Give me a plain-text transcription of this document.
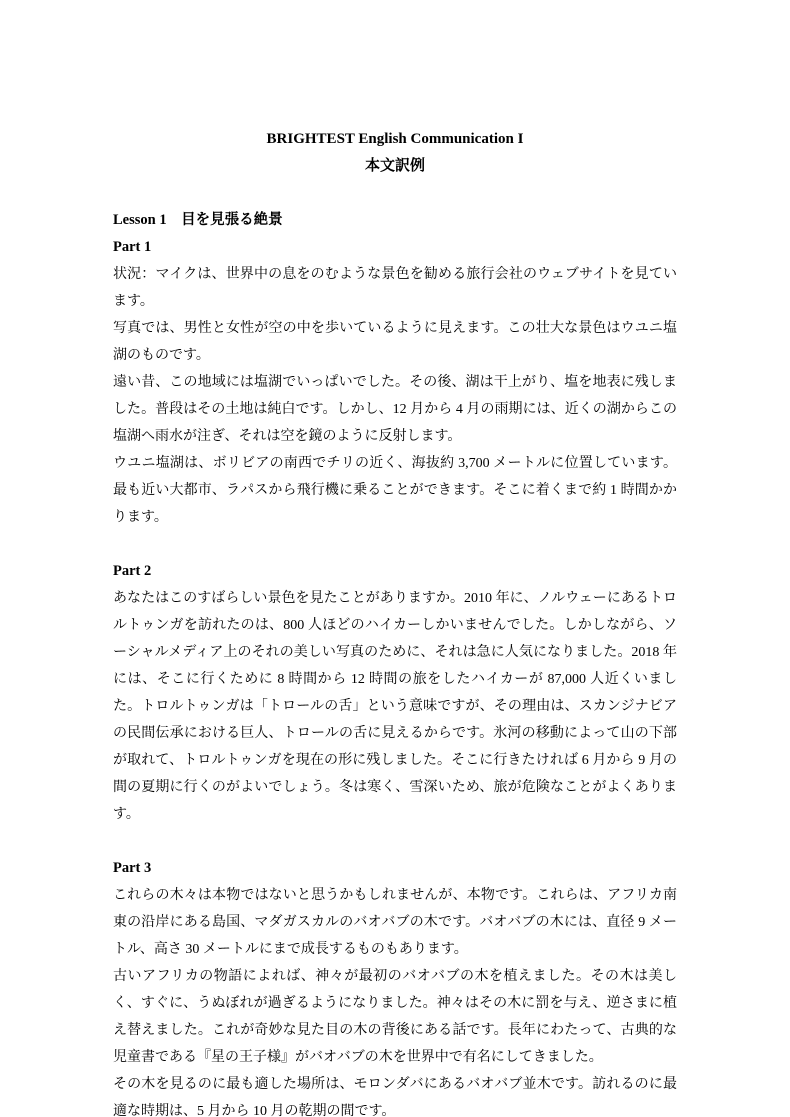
BRIGHTEST English Communication I
本文訳例
Lesson 1 目を見張る絶景
Part 1

状況：マイクは、世界中の息をのむような景色を勧める旅行会社のウェブサイトを見ています。

写真では、男性と女性が空の中を歩いているように見えます。この壮大な景色はウユニ塩湖のものです。

遠い昔、この地域には塩湖でいっぱいでした。その後、湖は干上がり、塩を地表に残しました。普段はその土地は純白です。しかし、12 月から 4 月の雨期には、近くの湖からこの塩湖へ雨水が注ぎ、それは空を鏡のように反射します。

ウユニ塩湖は、ボリビアの南西でチリの近く、海抜約 3,700 メートルに位置しています。最も近い大都市、ラパスから飛行機に乗ることができます。そこに着くまで約 1 時間かかります。

Part 2

あなたはこのすばらしい景色を見たことがありますか。2010 年に、ノルウェーにあるトロルトゥンガを訪れたのは、800 人ほどのハイカーしかいませんでした。しかしながら、ソーシャルメディア上のそれの美しい写真のために、それは急に人気になりました。2018 年には、そこに行くために 8 時間から 12 時間の旅をしたハイカーが 87,000 人近くいました。トロルトゥンガは「トロールの舌」という意味ですが、その理由は、スカンジナビアの民間伝承における巨人、トロールの舌に見えるからです。氷河の移動によって山の下部が取れて、トロルトゥンガを現在の形に残しました。そこに行きたければ 6 月から 9 月の間の夏期に行くのがよいでしょう。冬は寒く、雪深いため、旅が危険なことがよくあります。

Part 3

これらの木々は本物ではないと思うかもしれませんが、本物です。これらは、アフリカ南東の沿岸にある島国、マダガスカルのバオバブの木です。バオバブの木には、直径 9 メートル、高さ 30 メートルにまで成長するものもあります。

古いアフリカの物語によれば、神々が最初のバオバブの木を植えました。その木は美しく、すぐに、うぬぼれが過ぎるようになりました。神々はその木に罰を与え、逆さまに植え替えました。これが奇妙な見た目の木の背後にある話です。長年にわたって、古典的な児童書である『星の王子様』がバオバブの木を世界中で有名にしてきました。

その木を見るのに最も適した場所は、モロンダバにあるバオバブ並木です。訪れるのに最適な時期は、5 月から 10 月の乾期の間です。
